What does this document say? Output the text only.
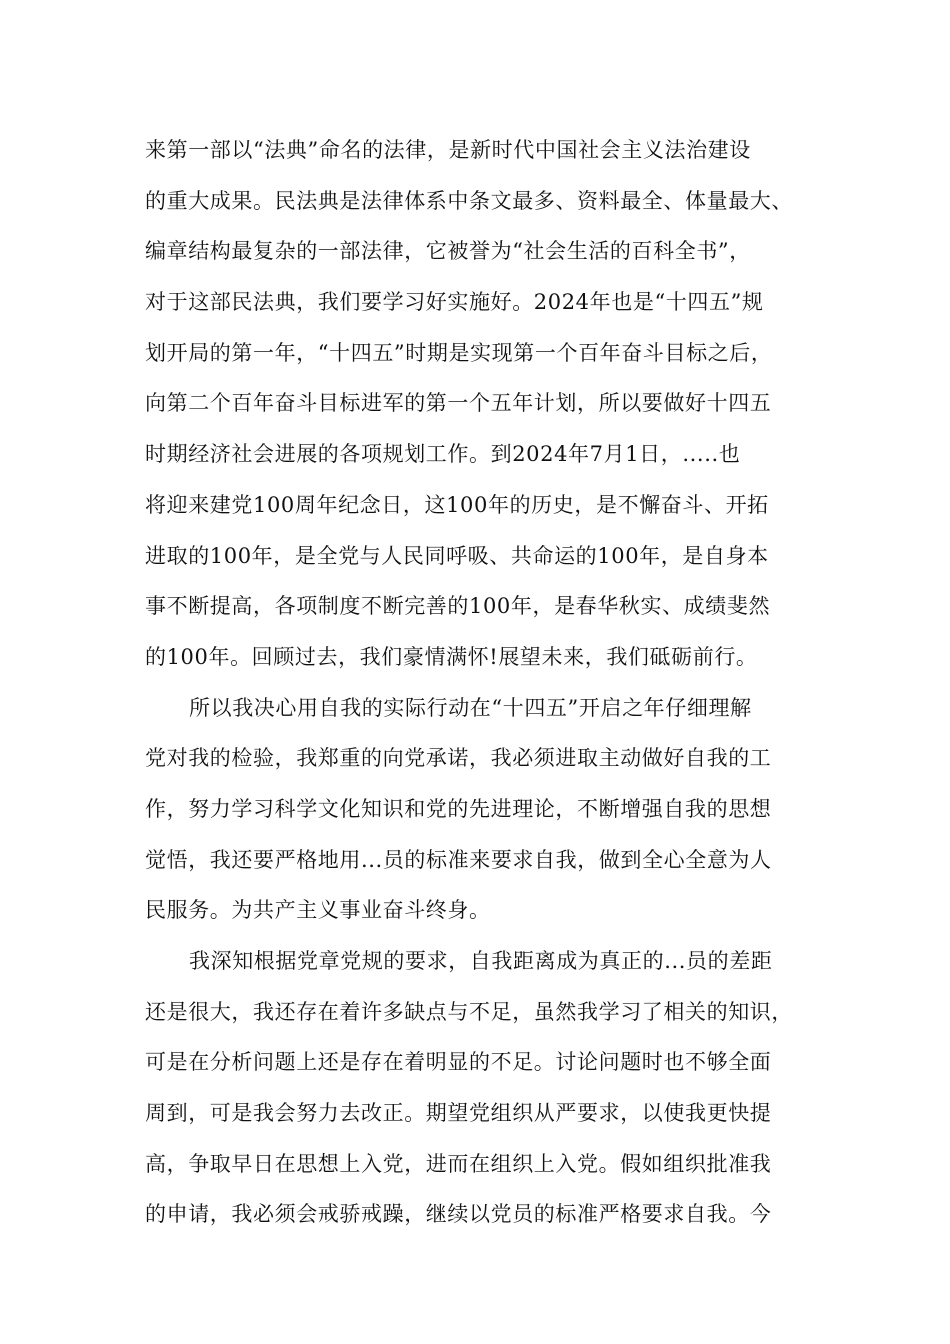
来第一部以“法典”命名的法律，是新时代中国社会主义法治建设
的重大成果。民法典是法律体系中条文最多、资料最全、体量最大、
编章结构最复杂的一部法律，它被誉为“社会生活的百科全书”，
对于这部民法典，我们要学习好实施好。2024年也是“十四五”规
划开局的第一年，“十四五”时期是实现第一个百年奋斗目标之后，
向第二个百年奋斗目标进军的第一个五年计划，所以要做好十四五
时期经济社会进展的各项规划工作。到2024年7月1日，.....也
将迎来建党100周年纪念日，这100年的历史，是不懈奋斗、开拓
进取的100年，是全党与人民同呼吸、共命运的100年，是自身本
事不断提高，各项制度不断完善的100年，是春华秋实、成绩斐然
的100年。回顾过去，我们豪情满怀!展望未来，我们砥砺前行。
所以我决心用自我的实际行动在“十四五”开启之年仔细理解
党对我的检验，我郑重的向党承诺，我必须进取主动做好自我的工
作，努力学习科学文化知识和党的先进理论，不断增强自我的思想
觉悟，我还要严格地用...员的标准来要求自我，做到全心全意为人
民服务。为共产主义事业奋斗终身。
我深知根据党章党规的要求，自我距离成为真正的...员的差距
还是很大，我还存在着许多缺点与不足，虽然我学习了相关的知识，
可是在分析问题上还是存在着明显的不足。讨论问题时也不够全面
周到，可是我会努力去改正。期望党组织从严要求，以使我更快提
高，争取早日在思想上入党，进而在组织上入党。假如组织批准我
的申请，我必须会戒骄戒躁，继续以党员的标准严格要求自我。今
